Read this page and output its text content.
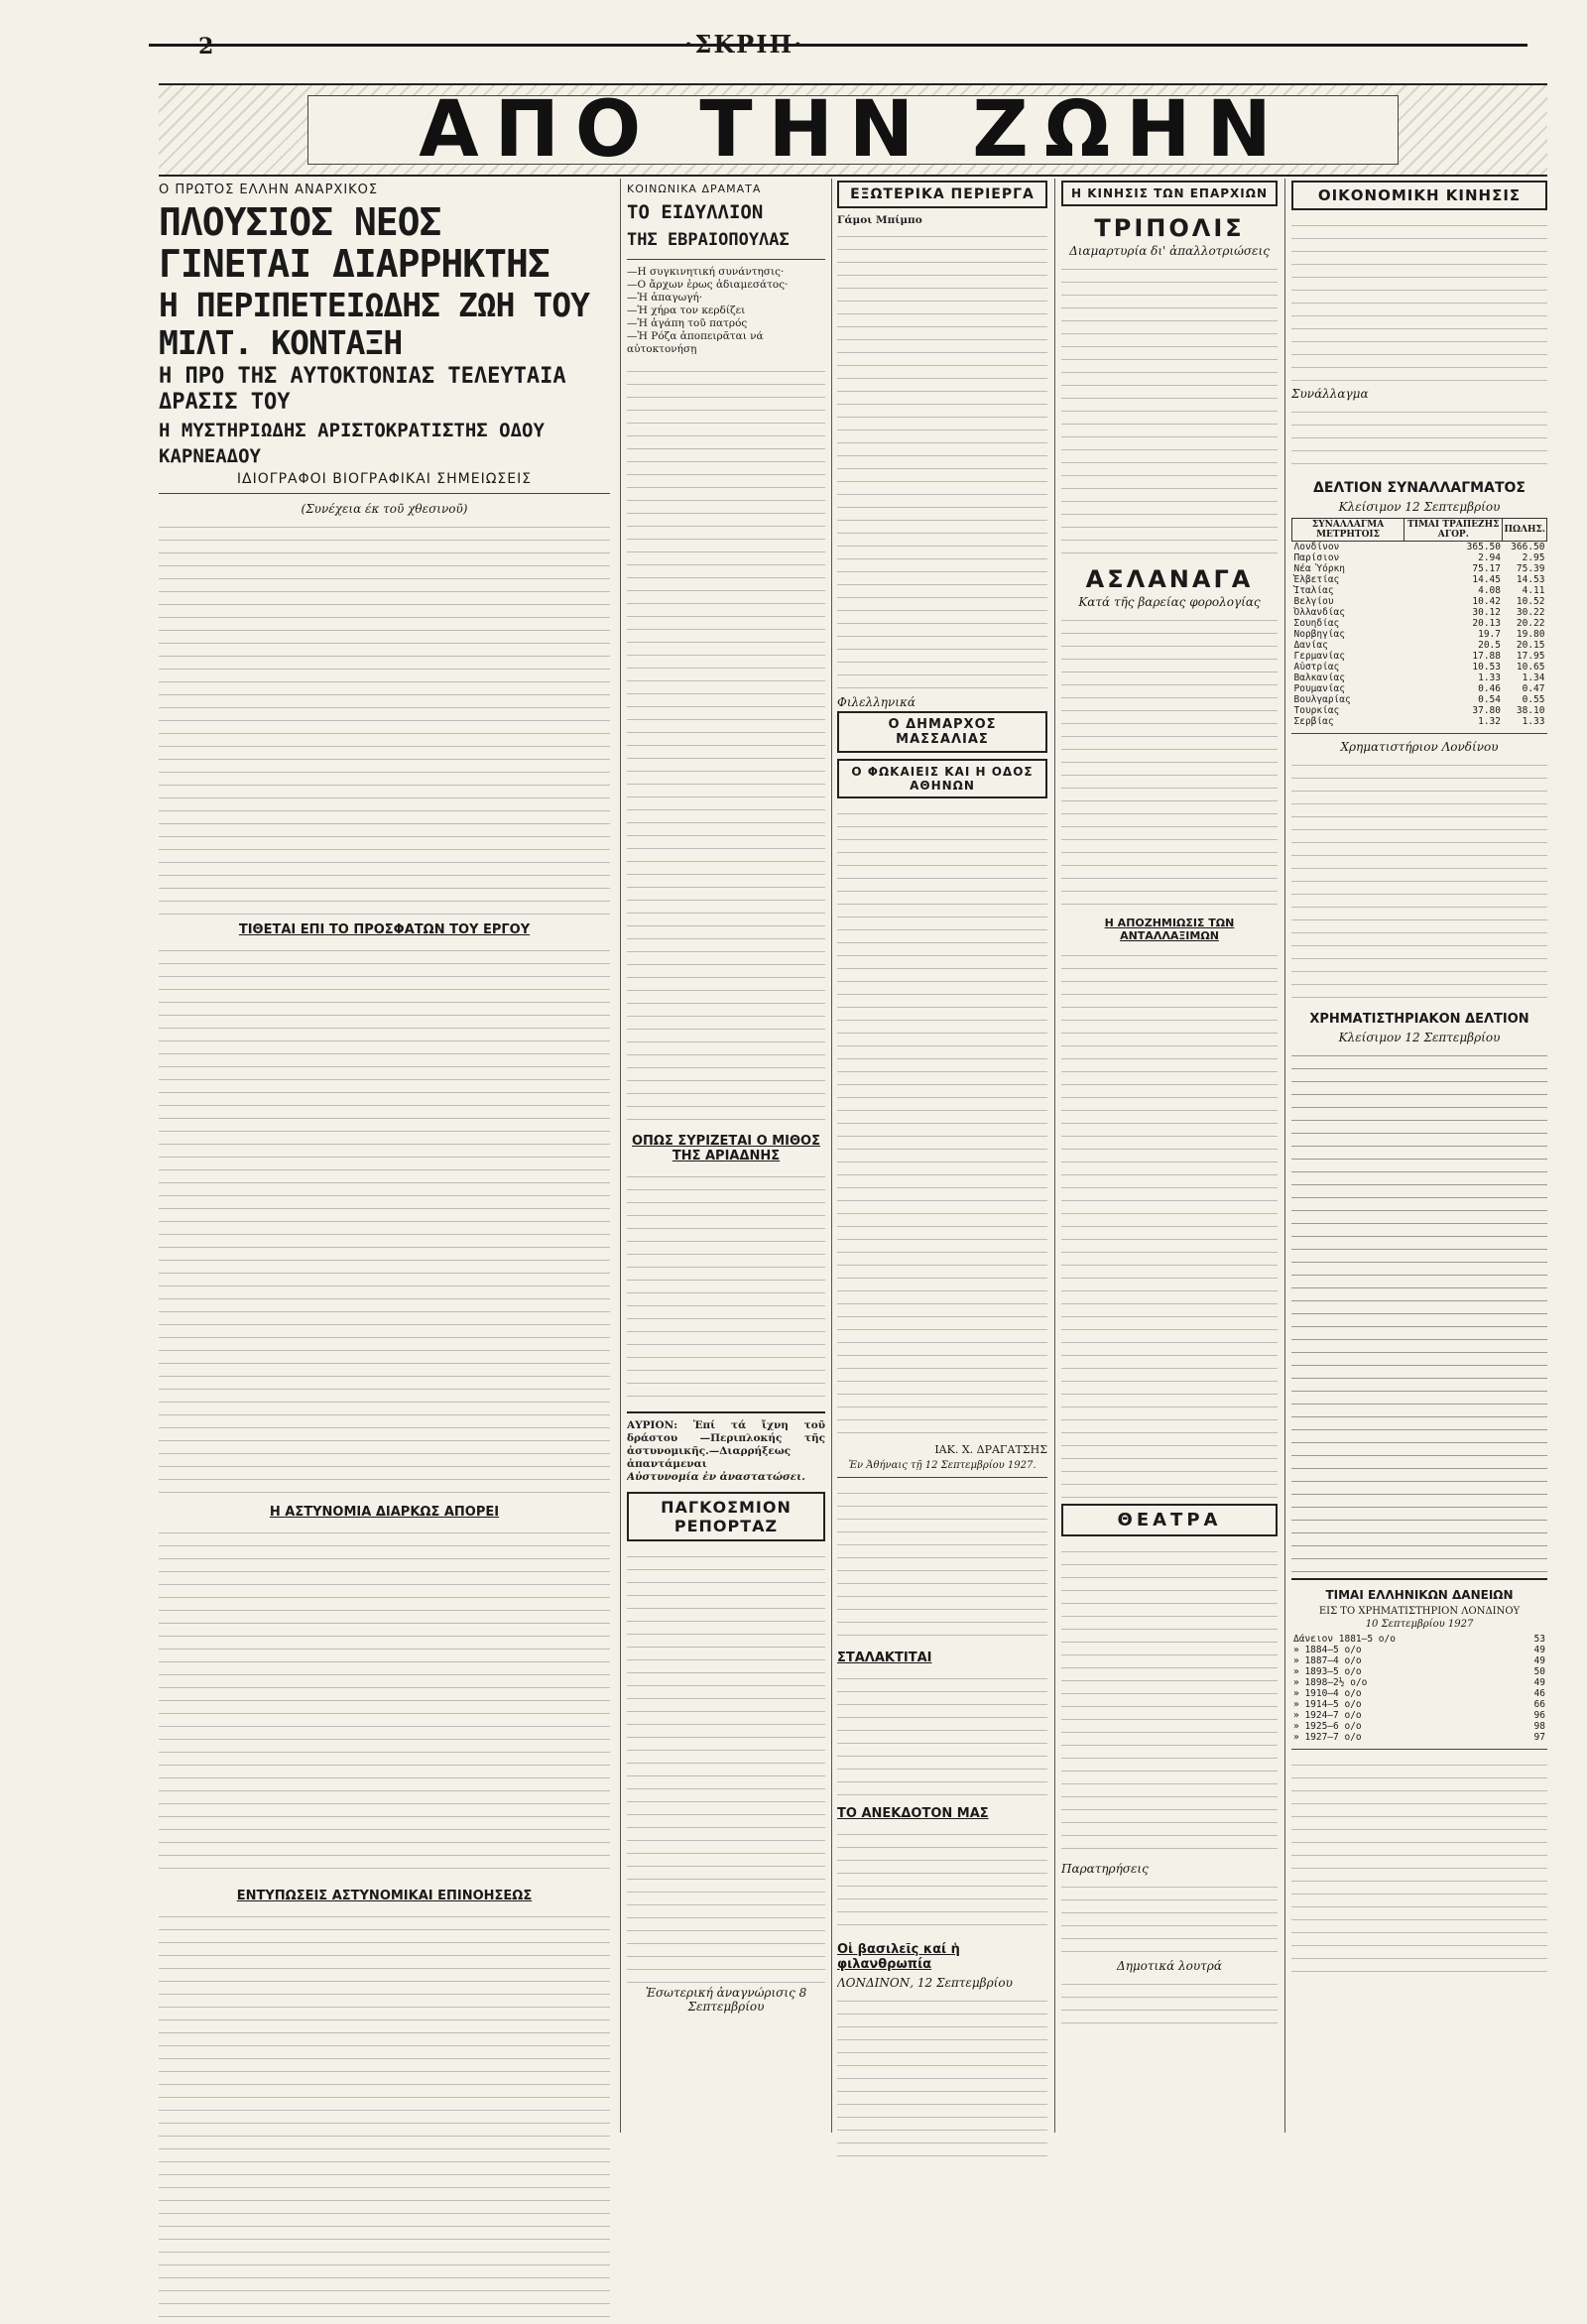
2	·ΣΚΡΙΠ·
ΑΠΟ ΤΗΝ ΖΩΗΝ
Ο ΠΡΩΤΟΣ ΕΛΛΗΝ ΑΝΑΡΧΙΚΟΣ
ΠΛΟΥΣΙΟΣ ΝΕΟΣ ΓΙΝΕΤΑΙ ΔΙΑΡΡΗΚΤΗΣ
Η ΠΕΡΙΠΕΤΕΙΩΔΗΣ ΖΩΗ ΤΟΥ ΜΙΛΤ. ΚΟΝΤΑΞΗ
Η ΠΡΟ ΤΗΣ ΑΥΤΟΚΤΟΝΙΑΣ ΤΕΛΕΥΤΑΙΑ ΔΡΑΣΙΣ ΤΟΥ
Η ΜΥΣΤΗΡΙΩΔΗΣ ΑΡΙΣΤΟΚΡΑΤΙΣΤΗΣ ΟΔΟΥ ΚΑΡΝΕΑΔΟΥ
ΙΔΙΟΓΡΑΦΟΙ ΒΙΟΓΡΑΦΙΚΑΙ ΣΗΜΕΙΩΣΕΙΣ
(Συνέχεια έκ τοῦ χθεσινοῦ)
ΤΙΘΕΤΑΙ ΕΠΙ ΤΟ ΠΡΟΣΦΑΤΩΝ ΤΟΥ ΕΡΓΟΥ
Η ΑΣΤΥΝΟΜΙΑ ΔΙΑΡΚΩΣ ΑΠΟΡΕΙ
ΕΝΤΥΠΩΣΕΙΣ ΑΣΤΥΝΟΜΙΚΑΙ ΕΠΙΝΟΗΣΕΩΣ
ΚΟΙΝΩΝΙΚΑ ΔΡΑΜΑΤΑ
ΤΟ ΕΙΔΥΛΛΙΟΝ
ΤΗΣ ΕΒΡΑΙΟΠΟΥΛΑΣ
—Η συγκινητική συνάντησις·
—Ο ἄρχων ἐρως ἀδιαμεσάτος·
—Ἠ ἀπαγωγή·
—Ἡ χήρα τον κερδίζει
—Ἡ ἀγάπη τοῦ πατρός
—Ἡ Ρόζα ἀποπειρᾶται νά αὐτοκτονήσῃ
ΟΠΩΣ ΣΥΡΙΖΕΤΑΙ Ο ΜΙΘΟΣ ΤΗΣ ΑΡΙΑΔΝΗΣ
ΑΥΡΙΟΝ: Ἐπί τά ἴχνη τοῦ δράστου —Περιπλοκής τῆς ἀστυνομικῆς.—Διαρρήξεως ἀπαντάμεναι
Αὐστυνομία ἐν ἀναστατώσει.
ΠΑΓΚΟΣΜΙΟΝ ΡΕΠΟΡΤΑΖ
Ἐσωτερική ἀναγνώρισις 8 Σεπτεμβρίου
ΕΞΩΤΕΡΙΚΑ ΠΕΡΙΕΡΓΑ
Γάμοι Μπίμπο
Φιλελληνικά
Ο ΔΗΜΑΡΧΟΣ ΜΑΣΣΑΛΙΑΣ
Ο ΦΩΚΑΙΕΙΣ ΚΑΙ Η ΟΔΟΣ ΑΘΗΝΩΝ
ΙΑΚ. Χ. ΔΡΑΓΑΤΣΗΣ
Ἐν Ἀθήναις τῇ 12 Σεπτεμβρίου 1927.
ΣΤΑΛΑΚΤΙΤΑΙ
ΤΟ ΑΝΕΚΔΟΤΟΝ ΜΑΣ
Οἱ βασιλεῖς καί ἡ φιλανθρωπία
ΛΟΝΔΙΝΟΝ, 12 Σεπτεμβρίου
Η ΚΙΝΗΣΙΣ ΤΩΝ ΕΠΑΡΧΙΩΝ
ΤΡΙΠΟΛΙΣ
Διαμαρτυρία δι' ἀπαλλοτριώσεις
ΑΣΛΑΝΑΓΑ
Κατά τῆς βαρείας φορολογίας
Η ΑΠΟΖΗΜΙΩΣΙΣ ΤΩΝ ΑΝΤΑΛΛΑΞΙΜΩΝ
ΘΕΑΤΡΑ
Παρατηρήσεις
Δημοτικά λουτρά
ΟΙΚΟΝΟΜΙΚΗ ΚΙΝΗΣΙΣ
Συνάλλαγμα
ΔΕΛΤΙΟΝ ΣΥΝΑΛΛΑΓΜΑΤΟΣ
Κλείσιμον 12 Σεπτεμβρίου
ΣΥΝΑΛΛΑΓΜΑ ΜΕΤΡΗΤΟΙΣ	ΤΙΜΑΙ ΤΡΑΠΕΖΗΣ ΑΓΟΡ.	ΠΩΛΗΣ.
Λονδίνον	365.50	366.50
Παρίσιον	2.94	2.95
Νέα Ὑόρκη	75.17	75.39
Ἐλβετίας	14.45	14.53
Ἰταλίας	4.08	4.11
Βελγίου	10.42	10.52
Ὀλλανδίας	30.12	30.22
Σουηδίας	20.13	20.22
Νορβηγίας	19.7	19.80
Δανίας	20.5	20.15
Γερμανίας	17.88	17.95
Αὐστρίας	10.53	10.65
Βαλκανίας	1.33	1.34
Ρουμανίας	0.46	0.47
Βουλγαρίας	0.54	0.55
Τουρκίας	37.80	38.10
Σερβίας	1.32	1.33
Χρηματιστήριον Λονδίνου
ΧΡΗΜΑΤΙΣΤΗΡΙΑΚΟΝ ΔΕΛΤΙΟΝ
Κλείσιμον 12 Σεπτεμβρίου
ΤΙΜΑΙ ΕΛΛΗΝΙΚΩΝ ΔΑΝΕΙΩΝ
ΕΙΣ ΤΟ ΧΡΗΜΑΤΙΣΤΗΡΙΟΝ ΛΟΝΔΙΝΟΥ
10 Σεπτεμβρίου 1927
Δάνειον 1881—5 ο/ο	53
» 1884—5 ο/ο	49
» 1887—4 ο/ο	49
» 1893—5 ο/ο	50
» 1898—2½ ο/ο	49
» 1910—4 ο/ο	46
» 1914—5 ο/ο	66
» 1924—7 ο/ο	96
» 1925—6 ο/ο	98
» 1927—7 ο/ο	97
